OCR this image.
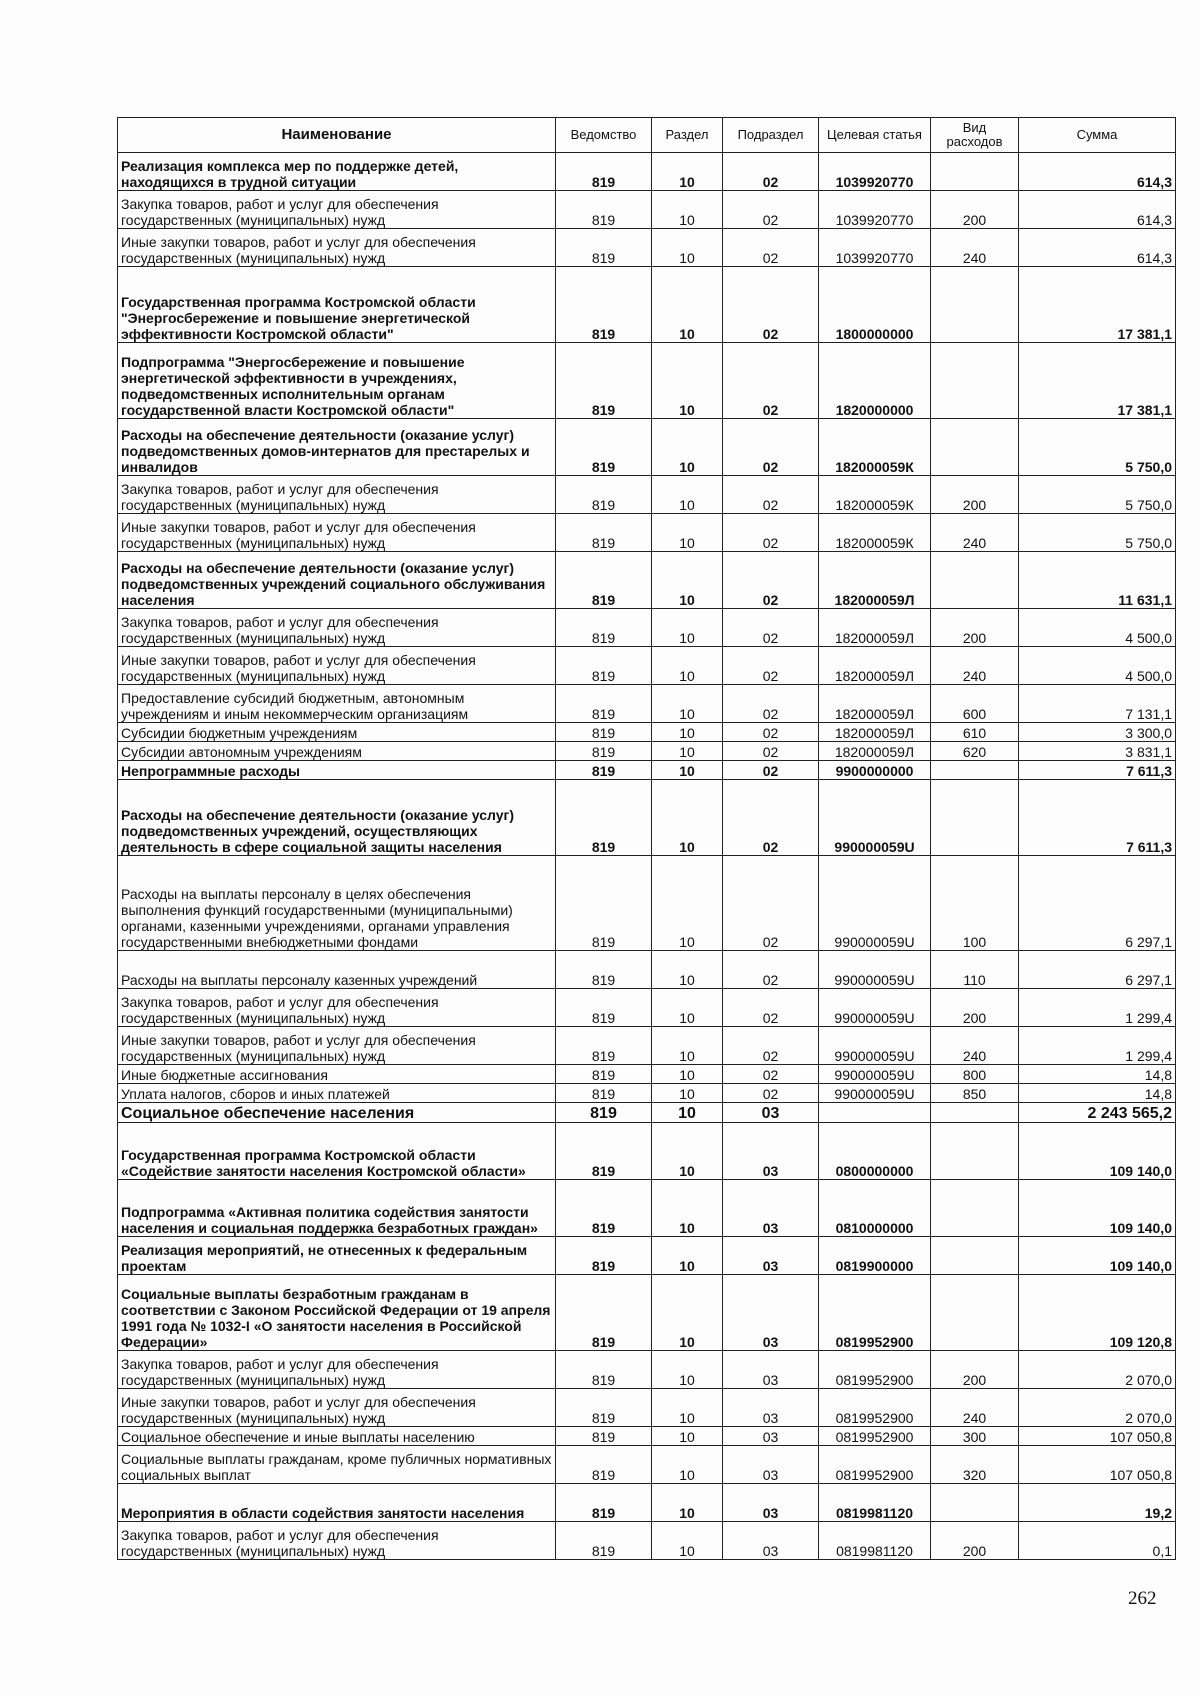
Наименование	Ведомство	Раздел	Подраздел	Целевая статья	Вид расходов	Сумма
Реализация комплекса мер по поддержке детей, находящихся в трудной ситуации	819	10	02	1039920770		614,3
Закупка товаров, работ и услуг для обеспечения государственных (муниципальных) нужд	819	10	02	1039920770	200	614,3
Иные закупки товаров, работ и услуг для обеспечения государственных (муниципальных) нужд	819	10	02	1039920770	240	614,3
Государственная программа Костромской области "Энергосбережение и повышение энергетической эффективности Костромской области"	819	10	02	1800000000		17 381,1
Подпрограмма "Энергосбережение и повышение энергетической эффективности в учреждениях, подведомственных исполнительным органам государственной власти Костромской области"	819	10	02	1820000000		17 381,1
Расходы на обеспечение деятельности (оказание услуг) подведомственных домов-интернатов для престарелых и инвалидов	819	10	02	182000059К		5 750,0
Закупка товаров, работ и услуг для обеспечения государственных (муниципальных) нужд	819	10	02	182000059К	200	5 750,0
Иные закупки товаров, работ и услуг для обеспечения государственных (муниципальных) нужд	819	10	02	182000059К	240	5 750,0
Расходы на обеспечение деятельности (оказание услуг) подведомственных учреждений социального обслуживания населения	819	10	02	182000059Л		11 631,1
Закупка товаров, работ и услуг для обеспечения государственных (муниципальных) нужд	819	10	02	182000059Л	200	4 500,0
Иные закупки товаров, работ и услуг для обеспечения государственных (муниципальных) нужд	819	10	02	182000059Л	240	4 500,0
Предоставление субсидий бюджетным, автономным учреждениям и иным некоммерческим организациям	819	10	02	182000059Л	600	7 131,1
Субсидии бюджетным учреждениям	819	10	02	182000059Л	610	3 300,0
Субсидии автономным учреждениям	819	10	02	182000059Л	620	3 831,1
Непрограммные расходы	819	10	02	9900000000		7 611,3
Расходы на обеспечение деятельности (оказание услуг) подведомственных учреждений, осуществляющих деятельность в сфере социальной защиты населения	819	10	02	990000059U		7 611,3
Расходы на выплаты персоналу в целях обеспечения выполнения функций государственными (муниципальными) органами, казенными учреждениями, органами управления государственными внебюджетными фондами	819	10	02	990000059U	100	6 297,1
Расходы на выплаты персоналу казенных учреждений	819	10	02	990000059U	110	6 297,1
Закупка товаров, работ и услуг для обеспечения государственных (муниципальных) нужд	819	10	02	990000059U	200	1 299,4
Иные закупки товаров, работ и услуг для обеспечения государственных (муниципальных) нужд	819	10	02	990000059U	240	1 299,4
Иные бюджетные ассигнования	819	10	02	990000059U	800	14,8
Уплата налогов, сборов и иных платежей	819	10	02	990000059U	850	14,8
Социальное обеспечение населения	819	10	03			2 243 565,2
Государственная программа Костромской области «Содействие занятости населения Костромской области»	819	10	03	0800000000		109 140,0
Подпрограмма «Активная политика содействия занятости населения и социальная поддержка безработных граждан»	819	10	03	0810000000		109 140,0
Реализация мероприятий, не отнесенных к федеральным проектам	819	10	03	0819900000		109 140,0
Социальные выплаты безработным гражданам в соответствии с Законом Российской Федерации от 19 апреля 1991 года № 1032-I «О занятости населения в Российской Федерации»	819	10	03	0819952900		109 120,8
Закупка товаров, работ и услуг для обеспечения государственных (муниципальных) нужд	819	10	03	0819952900	200	2 070,0
Иные закупки товаров, работ и услуг для обеспечения государственных (муниципальных) нужд	819	10	03	0819952900	240	2 070,0
Социальное обеспечение и иные выплаты населению	819	10	03	0819952900	300	107 050,8
Социальные выплаты гражданам, кроме публичных нормативных социальных выплат	819	10	03	0819952900	320	107 050,8
Мероприятия в области содействия занятости населения	819	10	03	0819981120		19,2
Закупка товаров, работ и услуг для обеспечения государственных (муниципальных) нужд	819	10	03	0819981120	200	0,1
262
